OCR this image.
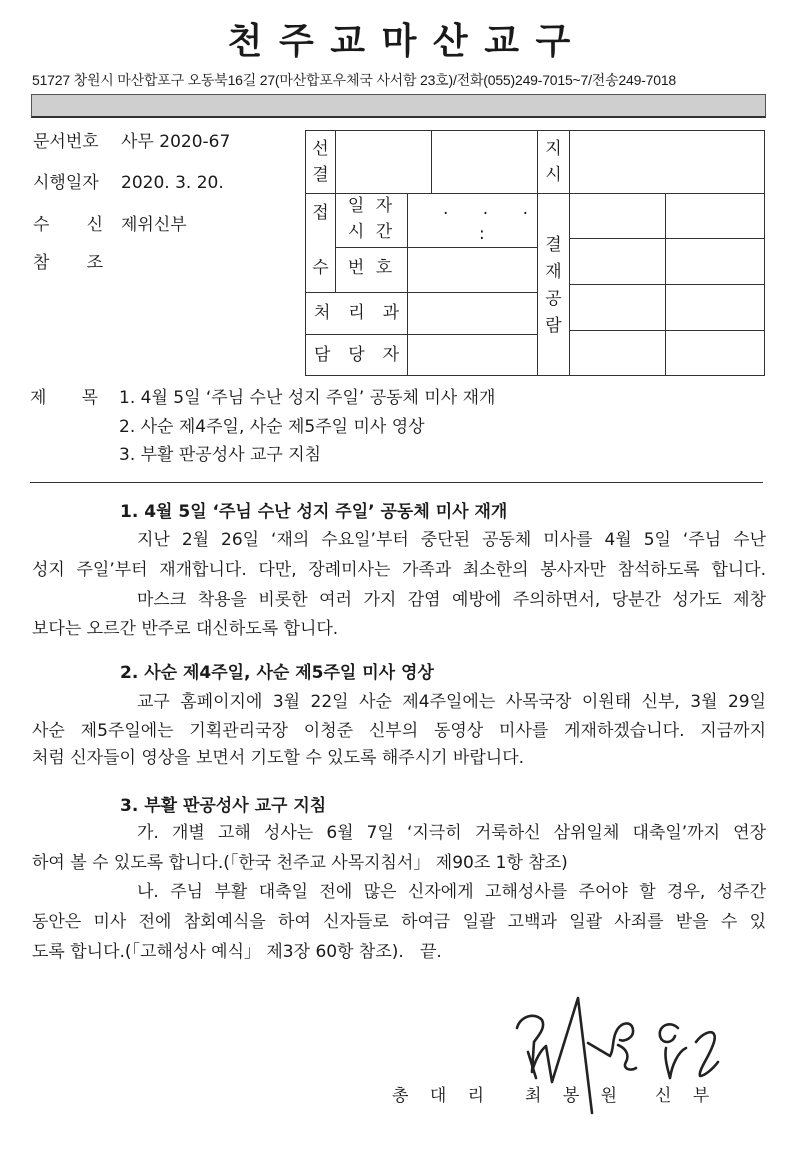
천 주 교 마 산 교 구
51727 창원시 마산합포구 오동북16길 27(마산합포우체국 사서함 23호)/전화(055)249-7015~7/전송249-7018
문서번호 사무 2020-67
시행일자 2020. 3. 20.
수 신 제위신부
참 조
선결
지시
접수
일 자
시 간
. . .
:
번 호
처 리 과
담 당 자
결재공람
제 목 1. 4월 5일 ‘주님 수난 성지 주일’ 공동체 미사 재개
2. 사순 제4주일, 사순 제5주일 미사 영상
3. 부활 판공성사 교구 지침
1. 4월 5일 ‘주님 수난 성지 주일’ 공동체 미사 재개
지난 2월 26일 ‘재의 수요일’부터 중단된 공동체 미사를 4월 5일 ‘주님 수난
성지 주일’부터 재개합니다. 다만, 장례미사는 가족과 최소한의 봉사자만 참석하도록 합니다.
마스크 착용을 비롯한 여러 가지 감염 예방에 주의하면서, 당분간 성가도 제창
보다는 오르간 반주로 대신하도록 합니다.
2. 사순 제4주일, 사순 제5주일 미사 영상
교구 홈페이지에 3월 22일 사순 제4주일에는 사목국장 이원태 신부, 3월 29일
사순 제5주일에는 기획관리국장 이청준 신부의 동영상 미사를 게재하겠습니다. 지금까지
처럼 신자들이 영상을 보면서 기도할 수 있도록 해주시기 바랍니다.
3. 부활 판공성사 교구 지침
가. 개별 고해 성사는 6월 7일 ‘지극히 거룩하신 삼위일체 대축일’까지 연장
하여 볼 수 있도록 합니다.(「한국 천주교 사목지침서」 제90조 1항 참조)
나. 주님 부활 대축일 전에 많은 신자에게 고해성사를 주어야 할 경우, 성주간
동안은 미사 전에 참회예식을 하여 신자들로 하여금 일괄 고백과 일괄 사죄를 받을 수 있
도록 합니다.(「고해성사 예식」 제3장 60항 참조).   끝.
총 대 리 최 봉 원 신 부
